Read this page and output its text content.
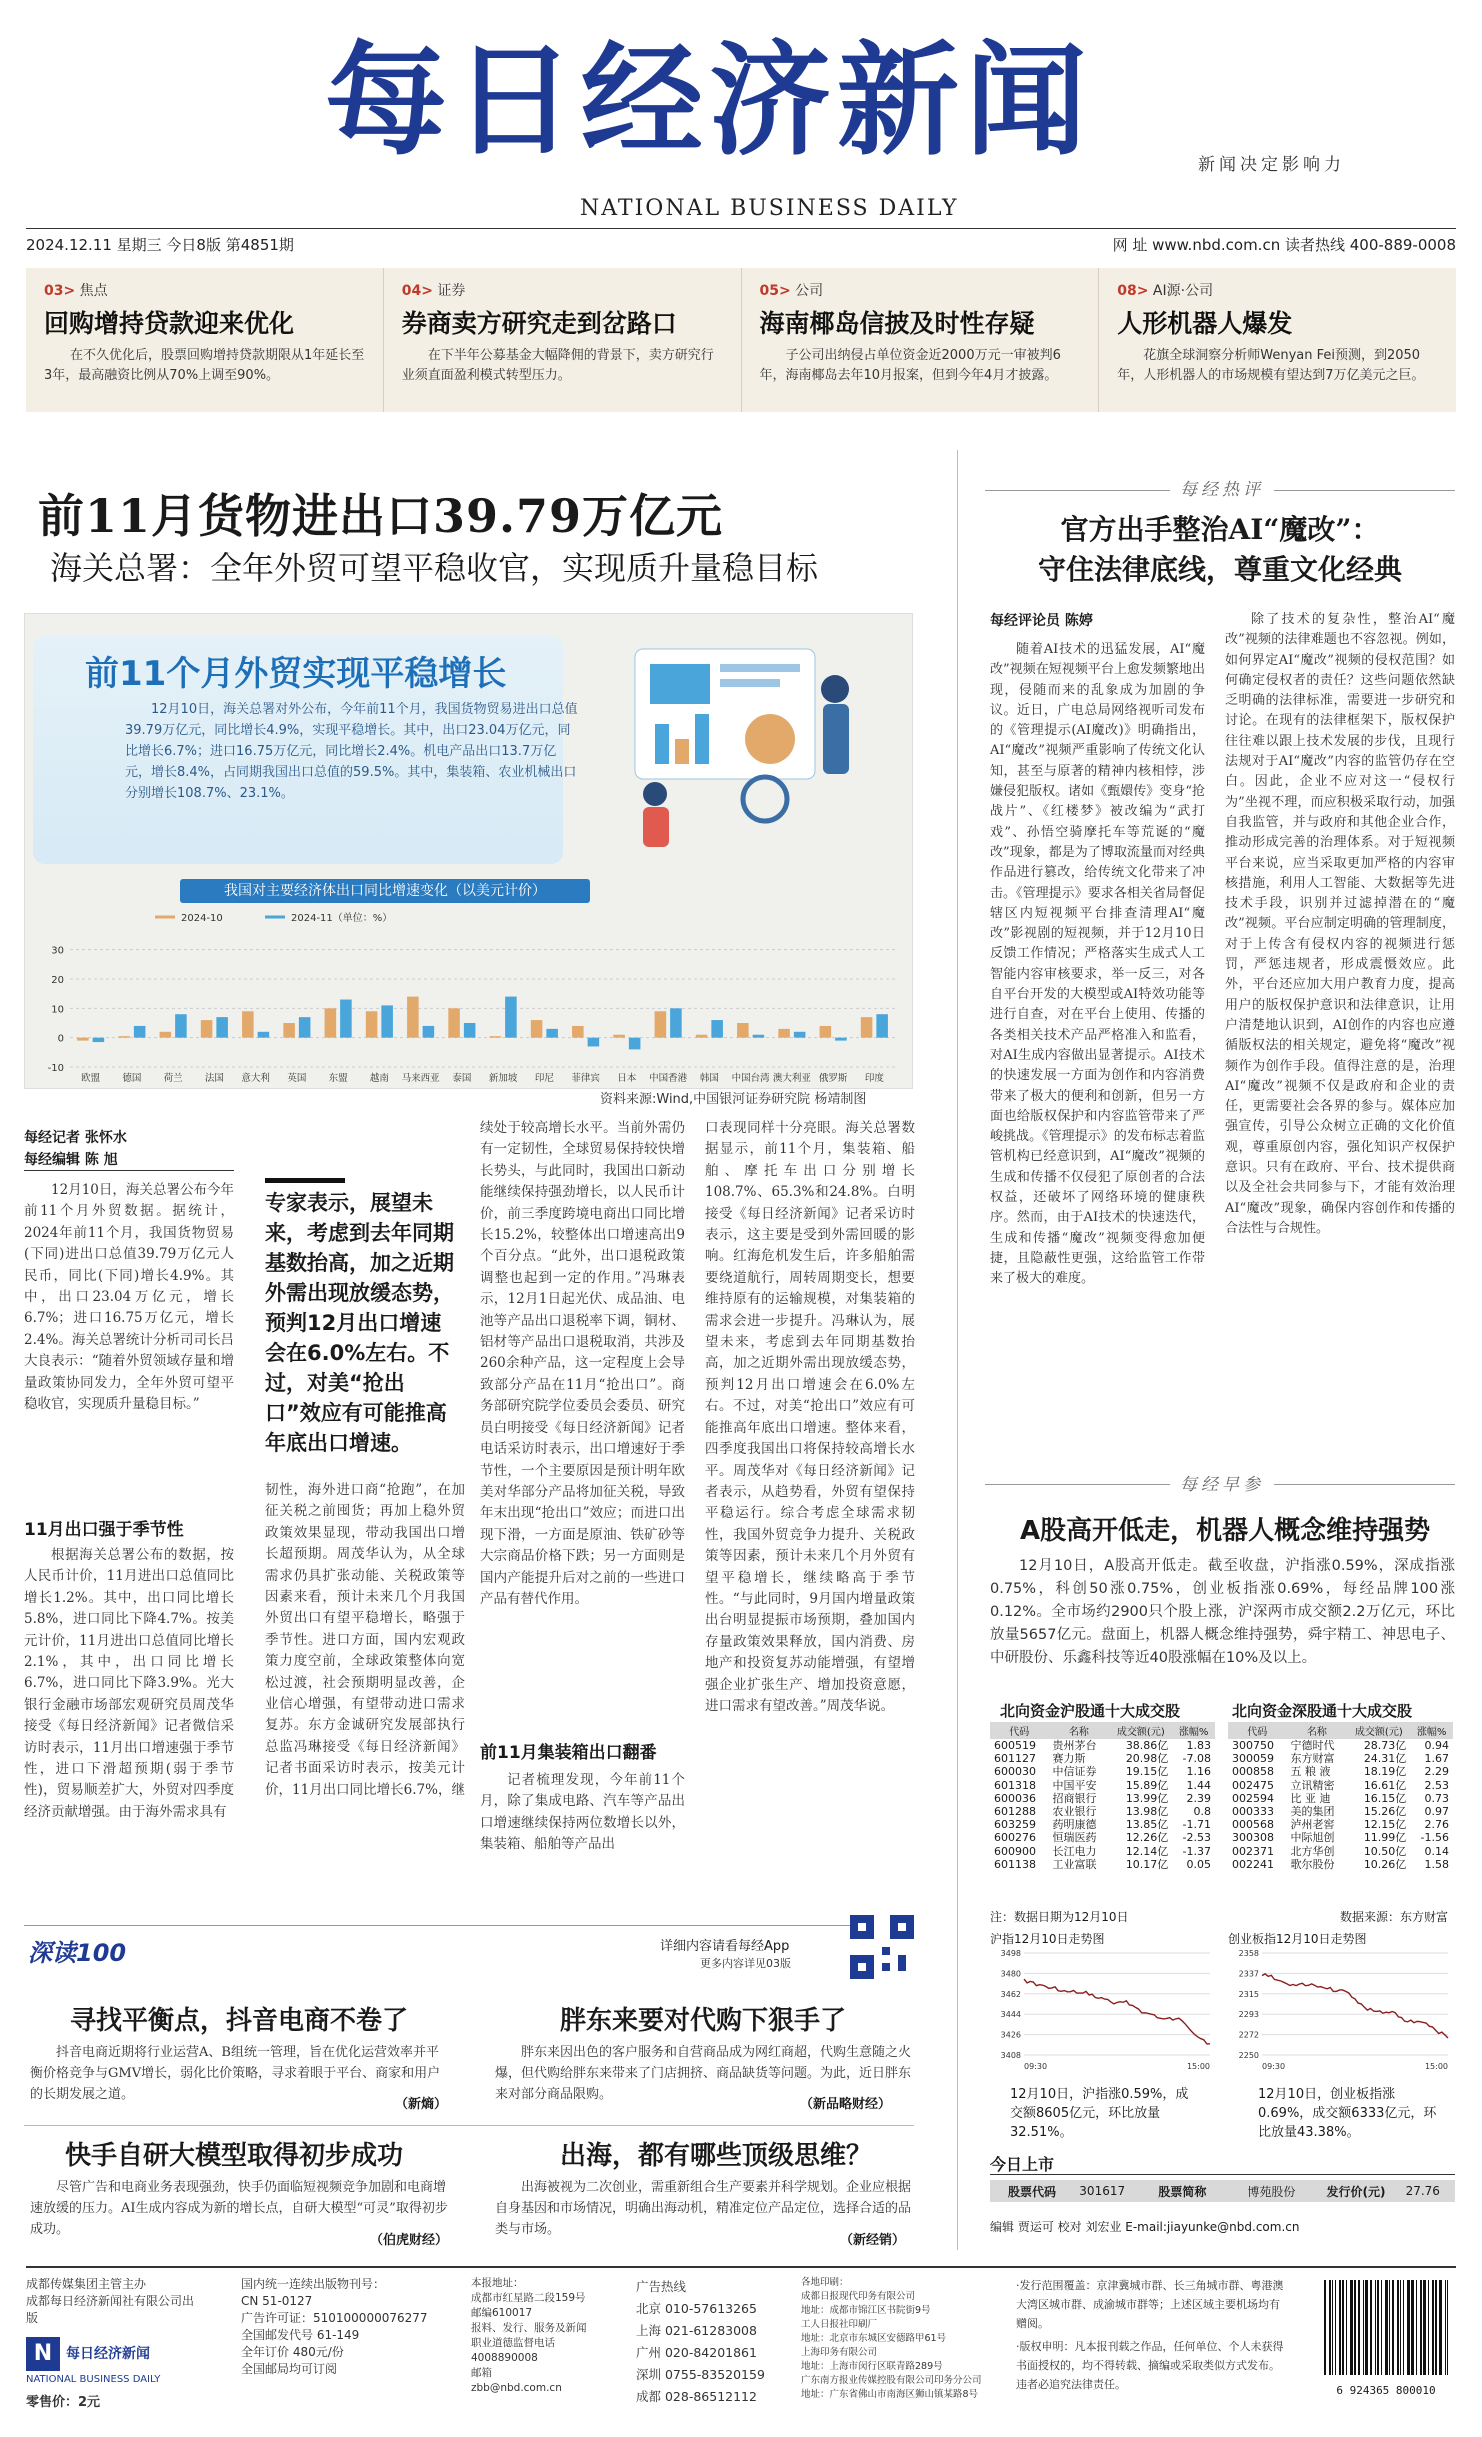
每日经济新闻	新闻决定影响力
NATIONAL BUSINESS DAILY
2024.12.11 星期三 今日8版 第4851期	网 址 www.nbd.com.cn 读者热线 400-889-0008
03> 焦点
回购增持贷款迎来优化
在不久优化后，股票回购增持贷款期限从1年延长至3年，最高融资比例从70%上调至90%。
04> 证券
券商卖方研究走到岔路口
在下半年公募基金大幅降佣的背景下，卖方研究行业须直面盈利模式转型压力。
05> 公司
海南椰岛信披及时性存疑
子公司出纳侵占单位资金近2000万元一审被判6年，海南椰岛去年10月报案，但到今年4月才披露。
08> AI源·公司
人形机器人爆发
花旗全球洞察分析师Wenyan Fei预测，到2050年，人形机器人的市场规模有望达到7万亿美元之巨。
前11月货物进出口39.79万亿元
海关总署：全年外贸可望平稳收官，实现质升量稳目标
前11个月外贸实现平稳增长
12月10日，海关总署对外公布，今年前11个月，我国货物贸易进出口总值39.79万亿元，同比增长4.9%，实现平稳增长。其中，出口23.04万亿元，同比增长6.7%；进口16.75万亿元，同比增长2.4%。机电产品出口13.7万亿元，增长8.4%，占同期我国出口总值的59.5%。其中，集装箱、农业机械出口分别增长108.7%、23.1%。
我国对主要经济体出口同比增速变化（以美元计价）
2024-10	2024-11（单位：%）
-10
0
10
20
30
欧盟 德国 荷兰 法国 意大利 英国 东盟 越南 马来西亚 泰国 新加坡 印尼 菲律宾 日本 中国香港 韩国 中国台湾 澳大利亚 俄罗斯 印度
资料来源:Wind,中国银河证券研究院 杨靖制图
每经记者 张怀水
每经编辑 陈 旭

12月10日，海关总署公布今年前11个月外贸数据。据统计，2024年前11个月，我国货物贸易(下同)进出口总值39.79万亿元人民币，同比(下同)增长4.9%。其中，出口23.04万亿元，增长6.7%；进口16.75万亿元，增长2.4%。海关总署统计分析司司长吕大良表示：“随着外贸领域存量和增量政策协同发力，全年外贸可望平稳收官，实现质升量稳目标。”

11月出口强于季节性

根据海关总署公布的数据，按人民币计价，11月进出口总值同比增长1.2%。其中，出口同比增长5.8%，进口同比下降4.7%。按美元计价，11月进出口总值同比增长2.1%，其中，出口同比增长6.7%，进口同比下降3.9%。光大银行金融市场部宏观研究员周茂华接受《每日经济新闻》记者微信采访时表示，11月出口增速强于季节性，进口下滑超预期(弱于季节性)，贸易顺差扩大，外贸对四季度经济贡献增强。由于海外需求具有

专家表示，展望未来，考虑到去年同期基数抬高，加之近期外需出现放缓态势，预判12月出口增速会在6.0%左右。不过，对美“抢出口”效应有可能推高年底出口增速。

韧性，海外进口商“抢跑”，在加征关税之前囤货；再加上稳外贸政策效果显现，带动我国出口增长超预期。周茂华认为，从全球需求仍具扩张动能、关税政策等因素来看，预计未来几个月我国外贸出口有望平稳增长，略强于季节性。进口方面，国内宏观政策力度空前，全球政策整体向宽松过渡，社会预期明显改善，企业信心增强，有望带动进口需求复苏。东方金诚研究发展部执行总监冯琳接受《每日经济新闻》记者书面采访时表示，按美元计价，11月出口同比增长6.7%，继

续处于较高增长水平。当前外需仍有一定韧性，全球贸易保持较快增长势头，与此同时，我国出口新动能继续保持强劲增长，以人民币计价，前三季度跨境电商出口同比增长15.2%，较整体出口增速高出9个百分点。“此外，出口退税政策调整也起到一定的作用。”冯琳表示，12月1日起光伏、成品油、电池等产品出口退税率下调，铜材、铝材等产品出口退税取消，共涉及260余种产品，这一定程度上会导致部分产品在11月“抢出口”。商务部研究院学位委员会委员、研究员白明接受《每日经济新闻》记者电话采访时表示，出口增速好于季节性，一个主要原因是预计明年欧美对华部分产品将加征关税，导致年末出现“抢出口”效应；而进口出现下滑，一方面是原油、铁矿砂等大宗商品价格下跌；另一方面则是国内产能提升后对之前的一些进口产品有替代作用。

前11月集装箱出口翻番

记者梳理发现，今年前11个月，除了集成电路、汽车等产品出口增速继续保持两位数增长以外，集装箱、船舶等产品出

口表现同样十分亮眼。海关总署数据显示，前11个月，集装箱、船舶、摩托车出口分别增长108.7%、65.3%和24.8%。白明接受《每日经济新闻》记者采访时表示，这主要是受到外需回暖的影响。红海危机发生后，许多船舶需要绕道航行，周转周期变长，想要维持原有的运输规模，对集装箱的需求会进一步提升。冯琳认为，展望未来，考虑到去年同期基数抬高，加之近期外需出现放缓态势，预判12月出口增速会在6.0%左右。不过，对美“抢出口”效应有可能推高年底出口增速。整体来看，四季度我国出口将保持较高增长水平。周茂华对《每日经济新闻》记者表示，从趋势看，外贸有望保持平稳运行。综合考虑全球需求韧性，我国外贸竞争力提升、关税政策等因素，预计未来几个月外贸有望平稳增长，继续略高于季节性。“与此同时，9月国内增量政策出台明显提振市场预期，叠加国内存量政策效果释放，国内消费、房地产和投资复苏动能增强，有望增强企业扩张生产、增加投资意愿，进口需求有望改善。”周茂华说。

深读100	详细内容请看每经App
更多内容详见03版
寻找平衡点，抖音电商不卷了
抖音电商近期将行业运营A、B组统一管理，旨在优化运营效率并平衡价格竞争与GMV增长，弱化比价策略，寻求着眼于平台、商家和用户的长期发展之道。
（新熵）
胖东来要对代购下狠手了
胖东来因出色的客户服务和自营商品成为网红商超，代购生意随之火爆，但代购给胖东来带来了门店拥挤、商品缺货等问题。为此，近日胖东来对部分商品限购。
（新品略财经）
快手自研大模型取得初步成功
尽管广告和电商业务表现强劲，快手仍面临短视频竞争加剧和电商增速放缓的压力。AI生成内容成为新的增长点，自研大模型“可灵”取得初步成功。
（伯虎财经）
出海，都有哪些顶级思维？
出海被视为二次创业，需重新组合生产要素并科学规划。企业应根据自身基因和市场情况，明确出海动机，精准定位产品定位，选择合适的品类与市场。
（新经销）
每经热评
官方出手整治AI“魔改”：
守住法律底线，尊重文化经典
每经评论员 陈婷

随着AI技术的迅猛发展，AI“魔改”视频在短视频平台上愈发频繁地出现，侵随而来的乱象成为加剧的争议。近日，广电总局网络视听司发布的《管理提示(AI魔改)》明确指出，AI“魔改”视频严重影响了传统文化认知，甚至与原著的精神内核相悖，涉嫌侵犯版权。诸如《甄嬛传》变身“抢战片”、《红楼梦》被改编为“武打戏”、孙悟空骑摩托车等荒诞的“魔改”现象，都是为了博取流量而对经典作品进行篡改，给传统文化带来了冲击。《管理提示》要求各相关省局督促辖区内短视频平台排查清理AI“魔改”影视剧的短视频，并于12月10日反馈工作情况；严格落实生成式人工智能内容审核要求，举一反三，对各自平台开发的大模型或AI特效功能等进行自查，对在平台上使用、传播的各类相关技术产品严格准入和监看，对AI生成内容做出显著提示。AI技术的快速发展一方面为创作和内容消费带来了极大的便利和创新，但另一方面也给版权保护和内容监管带来了严峻挑战。《管理提示》的发布标志着监管机构已经意识到，AI“魔改”视频的生成和传播不仅侵犯了原创者的合法权益，还破坏了网络环境的健康秩序。然而，由于AI技术的快速迭代，生成和传播“魔改”视频变得愈加便捷，且隐蔽性更强，这给监管工作带来了极大的难度。

除了技术的复杂性，整治AI“魔改”视频的法律难题也不容忽视。例如，如何界定AI“魔改”视频的侵权范围？如何确定侵权者的责任？这些问题依然缺乏明确的法律标准，需要进一步研究和讨论。在现有的法律框架下，版权保护往往难以跟上技术发展的步伐，且现行法规对于AI“魔改”内容的监管仍存在空白。因此，企业不应对这一“侵权行为”坐视不理，而应积极采取行动，加强自我监管，并与政府和其他企业合作，推动形成完善的治理体系。对于短视频平台来说，应当采取更加严格的内容审核措施，利用人工智能、大数据等先进技术手段，识别并过滤掉潜在的“魔改”视频。平台应制定明确的管理制度，对于上传含有侵权内容的视频进行惩罚，严惩违规者，形成震慑效应。此外，平台还应加大用户教育力度，提高用户的版权保护意识和法律意识，让用户清楚地认识到，AI创作的内容也应遵循版权法的相关规定，避免将“魔改”视频作为创作手段。值得注意的是，治理AI“魔改”视频不仅是政府和企业的责任，更需要社会各界的参与。媒体应加强宣传，引导公众树立正确的文化价值观，尊重原创内容，强化知识产权保护意识。只有在政府、平台、技术提供商以及全社会共同参与下，才能有效治理AI“魔改”现象，确保内容创作和传播的合法性与合规性。

每经早参
A股高开低走，机器人概念维持强势

12月10日，A股高开低走。截至收盘，沪指涨0.59%，深成指涨0.75%，科创50涨0.75%，创业板指涨0.69%，每经品牌100涨0.12%。全市场约2900只个股上涨，沪深两市成交额2.2万亿元，环比放量5657亿元。盘面上，机器人概念维持强势，舜宇精工、神思电子、中研股份、乐鑫科技等近40股涨幅在10%及以上。

北向资金沪股通十大成交股	北向资金深股通十大成交股
代码	名称	成交额(元)	涨幅%
600519	贵州茅台	38.86亿	1.83
601127	赛力斯	20.98亿	-7.08
600030	中信证券	19.15亿	1.16
601318	中国平安	15.89亿	1.44
600036	招商银行	13.99亿	2.39
601288	农业银行	13.98亿	0.8
603259	药明康德	13.85亿	-1.71
600276	恒瑞医药	12.26亿	-2.53
600900	长江电力	12.14亿	-1.37
601138	工业富联	10.17亿	0.05
代码	名称	成交额(元)	涨幅%
300750	宁德时代	28.73亿	0.94
300059	东方财富	24.31亿	1.67
000858	五 粮 液	18.19亿	2.29
002475	立讯精密	16.61亿	2.53
002594	比 亚 迪	16.15亿	0.73
000333	美的集团	15.26亿	0.97
000568	泸州老窖	12.15亿	2.76
300308	中际旭创	11.99亿	-1.56
002371	北方华创	10.50亿	0.14
002241	歌尔股份	10.26亿	1.58
注：数据日期为12月10日	数据来源：东方财富
沪指12月10日走势图	创业板指12月10日走势图
3498
3480
3462
3444
3426
3408
09:30	15:00
2358
2337
2315
2293
2272
2250
09:30	15:00
12月10日，沪指涨0.59%，成交额8605亿元，环比放量32.51%。
12月10日，创业板指涨0.69%，成交额6333亿元，环比放量43.38%。
今日上市
股票代码	301617	股票简称	博苑股份	发行价(元)	27.76
编辑 贾运可 校对 刘宏业 E-mail:jiayunke@nbd.com.cn
成都传媒集团主管主办
成都每日经济新闻社有限公司出版
N 每日经济新闻
NATIONAL BUSINESS DAILY
零售价：2元
国内统一连续出版物刊号：
CN 51-0127
广告许可证：510100000076277
全国邮发代号 61-149
全年订价 480元/份
全国邮局均可订阅
本报地址：
成都市红星路二段159号
邮编610017
报料、发行、服务及新闻
职业道德监督电话
4008890008
邮箱
zbb@nbd.com.cn
广告热线
北京 010-57613265
上海 021-61283008
广州 020-84201861
深圳 0755-83520159
成都 028-86512112
各地印刷：
成都日报现代印务有限公司
地址：成都市锦江区书院街9号
工人日报社印刷厂
地址：北京市东城区安德路甲61号
上海印务有限公司
地址：上海市闵行区联青路289号
广东南方报业传媒控股有限公司印务分公司
地址：广东省佛山市南海区狮山镇某路8号
·发行范围覆盖：京津冀城市群、长三角城市群、粤港澳大湾区城市群、成渝城市群等；上述区域主要机场均有赠阅。
·版权申明：凡本报刊载之作品，任何单位、个人未获得书面授权的，均不得转载、摘编或采取类似方式发布。违者必追究法律责任。	6 924365 800010
